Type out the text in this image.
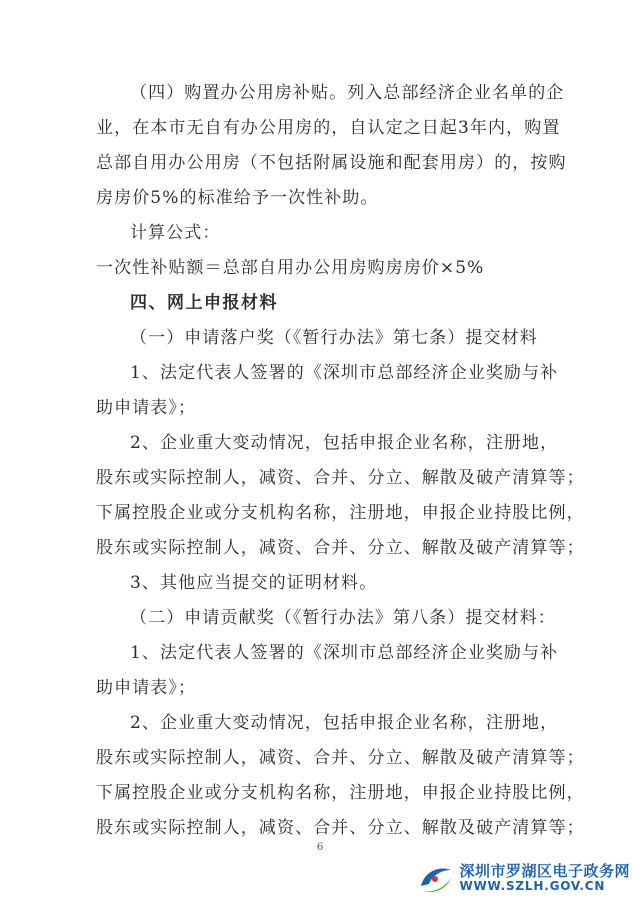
（四）购置办公用房补贴。列入总部经济企业名单的企
业，在本市无自有办公用房的，自认定之日起3年内，购置
总部自用办公用房（不包括附属设施和配套用房）的，按购
房房价5%的标准给予一次性补助。
计算公式：
一次性补贴额＝总部自用办公用房购房房价×5%
四、网上申报材料
（一）申请落户奖（《暂行办法》第七条）提交材料
1、法定代表人签署的《深圳市总部经济企业奖励与补
助申请表》；
2、企业重大变动情况，包括申报企业名称，注册地，
股东或实际控制人，减资、合并、分立、解散及破产清算等；
下属控股企业或分支机构名称，注册地，申报企业持股比例，
股东或实际控制人，减资、合并、分立、解散及破产清算等；
3、其他应当提交的证明材料。
（二）申请贡献奖（《暂行办法》第八条）提交材料：
1、法定代表人签署的《深圳市总部经济企业奖励与补
助申请表》；
2、企业重大变动情况，包括申报企业名称，注册地，
股东或实际控制人，减资、合并、分立、解散及破产清算等；
下属控股企业或分支机构名称，注册地，申报企业持股比例，
股东或实际控制人，减资、合并、分立、解散及破产清算等；
6
深圳市罗湖区电子政务网
WWW.SZLH.GOV.CN
